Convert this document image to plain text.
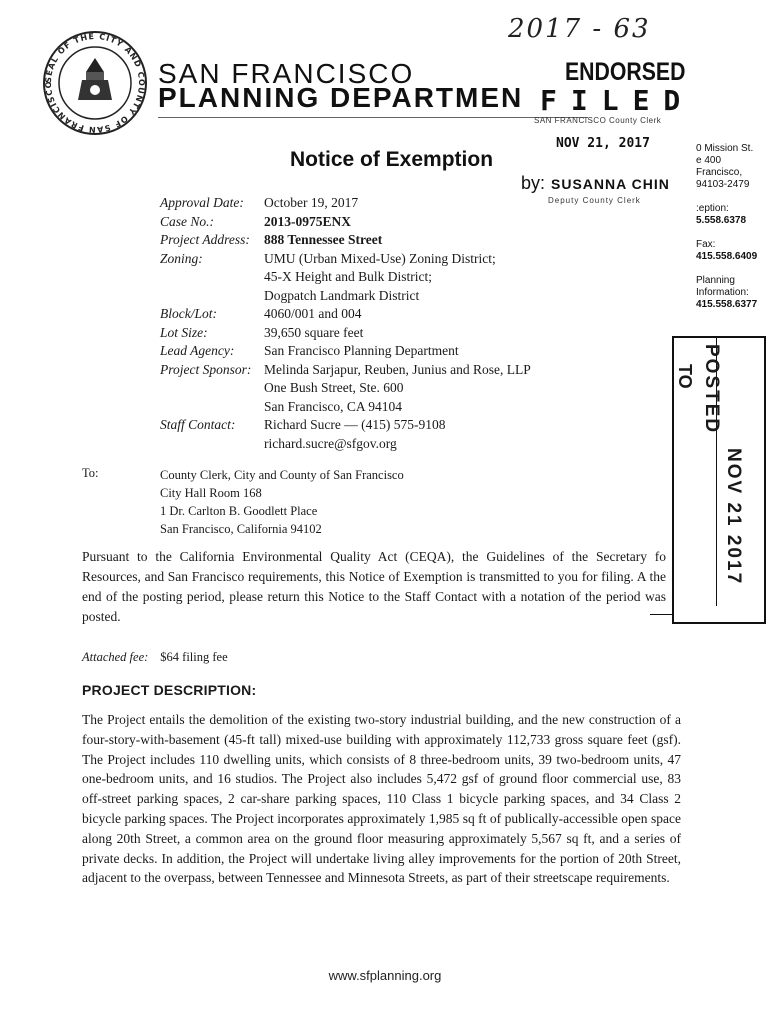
2017 - 63
SEAL OF THE CITY AND COUNTY OF SAN FRANCISCO	SAN FRANCISCO
PLANNING DEPARTMEN
ENDORSED
FILED
SAN FRANCISCO County Clerk
NOV 21, 2017
by: SUSANNA CHIN
Deputy County Clerk
Notice of Exemption	0 Mission St.
e 400
Francisco,
94103-2479
:eption:
5.558.6378
Fax:
415.558.6409
Planning
Information:
415.558.6377
TO POSTED
NOV 21 2017
Approval Date:	October 19, 2017
Case No.:	2013-0975ENX
Project Address:	888 Tennessee Street
Zoning:	UMU (Urban Mixed-Use) Zoning District;
45-X Height and Bulk District;
Dogpatch Landmark District
Block/Lot:	4060/001 and 004
Lot Size:	39,650 square feet
Lead Agency:	San Francisco Planning Department
Project Sponsor: Melinda Sarjapur, Reuben, Junius and Rose, LLP
One Bush Street, Ste. 600
San Francisco, CA 94104
Staff Contact:	Richard Sucre — (415) 575-9108
richard.sucre@sfgov.org
To:	County Clerk, City and County of San Francisco
City Hall Room 168
1 Dr. Carlton B. Goodlett Place
San Francisco, California 94102
Pursuant to the California Environmental Quality Act (CEQA), the Guidelines of the Secretary fo Resources, and San Francisco requirements, this Notice of Exemption is transmitted to you for filing. A the end of the posting period, please return this Notice to the Staff Contact with a notation of the period was posted.
Attached fee: $64 filing fee
PROJECT DESCRIPTION:
The Project entails the demolition of the existing two-story industrial building, and the new construction of a four-story-with-basement (45-ft tall) mixed-use building with approximately 112,733 gross square feet (gsf). The Project includes 110 dwelling units, which consists of 8 three-bedroom units, 39 two-bedroom units, 47 one-bedroom units, and 16 studios. The Project also includes 5,472 gsf of ground floor commercial use, 83 off-street parking spaces, 2 car-share parking spaces, 110 Class 1 bicycle parking spaces, and 34 Class 2 bicycle parking spaces. The Project incorporates approximately 1,985 sq ft of publically-accessible open space along 20th Street, a common area on the ground floor measuring approximately 5,567 sq ft, and a series of private decks. In addition, the Project will undertake living alley improvements for the portion of 20th Street, adjacent to the overpass, between Tennessee and Minnesota Streets, as part of their streetscape requirements.
www.sfplanning.org
